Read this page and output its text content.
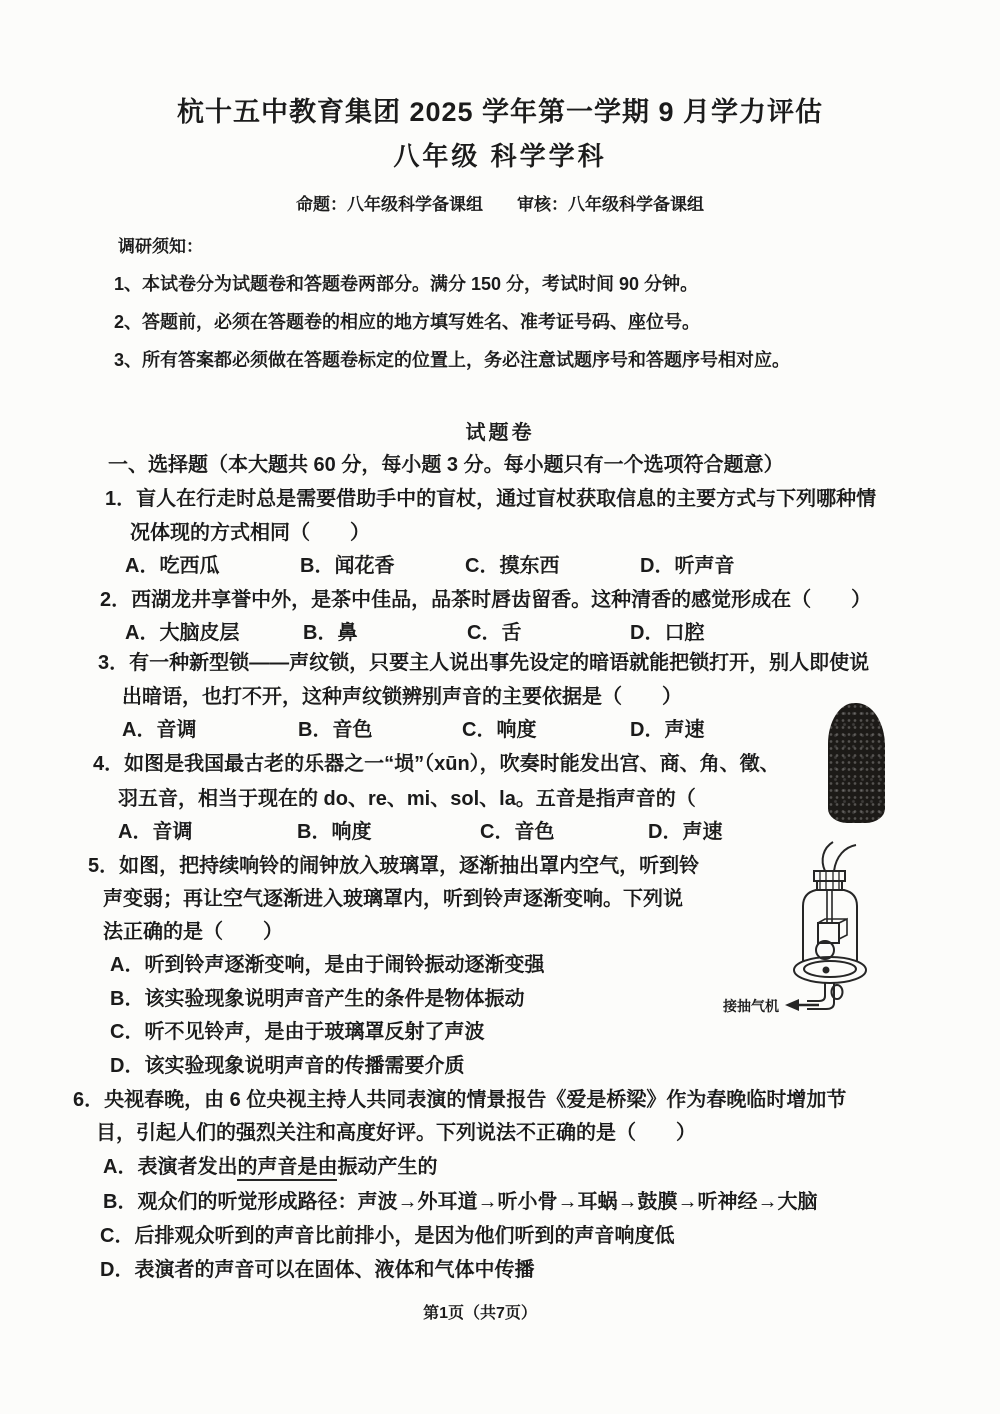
杭十五中教育集团 2025 学年第一学期 9 月学力评估
八年级 科学学科
命题：八年级科学备课组　　审核：八年级科学备课组
调研须知：
1、本试卷分为试题卷和答题卷两部分。满分 150 分，考试时间 90 分钟。
2、答题前，必须在答题卷的相应的地方填写姓名、准考证号码、座位号。
3、所有答案都必须做在答题卷标定的位置上，务必注意试题序号和答题序号相对应。
试题卷
一、选择题（本大题共 60 分，每小题 3 分。每小题只有一个选项符合题意）
1．盲人在行走时总是需要借助手中的盲杖，通过盲杖获取信息的主要方式与下列哪种情
况体现的方式相同（　　）
A．吃西瓜	B．闻花香	C．摸东西	D．听声音
2．西湖龙井享誉中外，是茶中佳品，品茶时唇齿留香。这种清香的感觉形成在（　　）
A．大脑皮层	B．鼻	C．舌	D．口腔
3．有一种新型锁——声纹锁，只要主人说出事先设定的暗语就能把锁打开，别人即使说
出暗语，也打不开，这种声纹锁辨别声音的主要依据是（　　）
A．音调	B．音色	C．响度	D．声速
4．如图是我国最古老的乐器之一“埙”（xūn），吹奏时能发出宫、商、角、徵、
羽五音，相当于现在的 do、re、mi、sol、la。五音是指声音的（
A．音调	B．响度	C．音色	D．声速
5．如图，把持续响铃的闹钟放入玻璃罩，逐渐抽出罩内空气，听到铃
声变弱；再让空气逐渐进入玻璃罩内，听到铃声逐渐变响。下列说
法正确的是（　　）
A．听到铃声逐渐变响，是由于闹铃振动逐渐变强
B．该实验现象说明声音产生的条件是物体振动
C．听不见铃声，是由于玻璃罩反射了声波
D．该实验现象说明声音的传播需要介质
接抽气机
6．央视春晚，由 6 位央视主持人共同表演的情景报告《爱是桥梁》作为春晚临时增加节
目，引起人们的强烈关注和高度好评。下列说法不正确的是（　　）
A．表演者发出的声音是由振动产生的
B．观众们的听觉形成路径：声波→外耳道→听小骨→耳蜗→鼓膜→听神经→大脑
C．后排观众听到的声音比前排小，是因为他们听到的声音响度低
D．表演者的声音可以在固体、液体和气体中传播
第1页（共7页）
